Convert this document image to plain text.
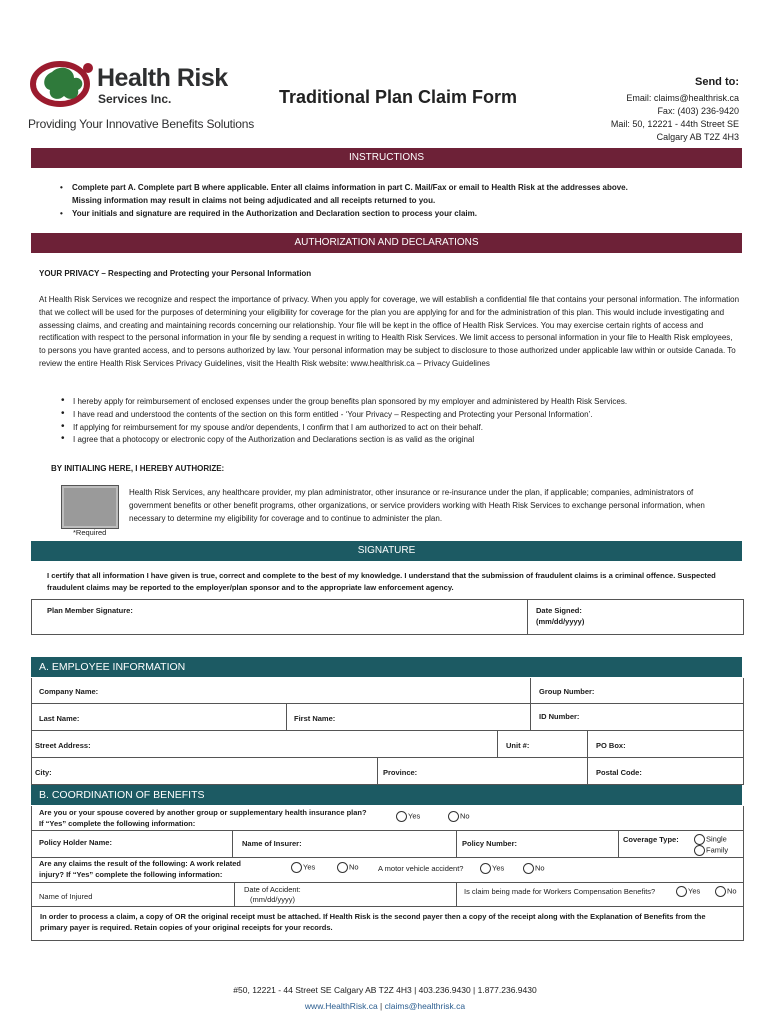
Health Risk
Services Inc.
Providing Your Innovative Benefits Solutions
Traditional Plan Claim Form
Send to:
Email: claims@healthrisk.ca
Fax: (403) 236-9420
Mail: 50, 12221 - 44th Street SE
Calgary AB T2Z 4H3
INSTRUCTIONS
• Complete part A. Complete part B where applicable. Enter all claims information in part C. Mail/Fax or email to Health Risk at the addresses above.
Missing information may result in claims not being adjudicated and all receipts returned to you.
• Your initials and signature are required in the Authorization and Declaration section to process your claim.
AUTHORIZATION AND DECLARATIONS
YOUR PRIVACY – Respecting and Protecting your Personal Information
At Health Risk Services we recognize and respect the importance of privacy. When you apply for coverage, we will establish a confidential file that contains your personal information. The information that we collect will be used for the purposes of determining your eligibility for coverage for the plan you are applying for and for the administration of this plan. This would include investigating and assessing claims, and creating and maintaining records concerning our relationship. Your file will be kept in the office of Health Risk Services. You may exercise certain rights of access and rectification with respect to the personal information in your file by sending a request in writing to Health Risk Services. We limit access to personal information in your file to Health Risk employees, to persons you have granted access, and to persons authorized by law. Your personal information may be subject to disclosure to those authorized under applicable law within or outside Canada. To review the entire Health Risk Services Privacy Guidelines, visit the Health Risk website: www.healthrisk.ca – Privacy Guidelines
• I hereby apply for reimbursement of enclosed expenses under the group benefits plan sponsored by my employer and administered by Health Risk Services.
• I have read and understood the contents of the section on this form entitled - ‘Your Privacy – Respecting and Protecting your Personal Information’.
• If applying for reimbursement for my spouse and/or dependents, I confirm that I am authorized to act on their behalf.
• I agree that a photocopy or electronic copy of the Authorization and Declarations section is as valid as the original
BY INITIALING HERE, I HEREBY AUTHORIZE:
Health Risk Services, any healthcare provider, my plan administrator, other insurance or re-insurance under the plan, if applicable; companies, administrators of government benefits or other benefit programs, other organizations, or service providers working with Heath Risk Services to exchange personal information, when necessary to determine my eligibility for coverage and to continue to administer the plan.
*Required
SIGNATURE
I certify that all information I have given is true, correct and complete to the best of my knowledge. I understand that the submission of fraudulent claims is a criminal offence. Suspected fraudulent claims may be reported to the employer/plan sponsor and to the appropriate law enforcement agency.
Plan Member Signature:	Date Signed:
(mm/dd/yyyy)
A. EMPLOYEE INFORMATION
Company Name:	Group Number:
Last Name:	First Name:	ID Number:
Street Address:	Unit #:	PO Box:
City:	Province:	Postal Code:
B. COORDINATION OF BENEFITS
Are you or your spouse covered by another group or supplementary health insurance plan?
If “Yes” complete the following information:
Yes	No
Policy Holder Name:	Name of Insurer:	Policy Number:	Coverage Type:	Single
Family
Are any claims the result of the following: A work related
injury? If “Yes” complete the following information:
Yes	No	A motor vehicle accident?	Yes	No
Name of Injured
Date of Accident:
(mm/dd/yyyy)
Is claim being made for Workers Compensation Benefits?	Yes	No
In order to process a claim, a copy of OR the original receipt must be attached. If Health Risk is the second payer then a copy of the receipt along with the Explanation of Benefits from the primary payer is required. Retain copies of your original receipts for your records.
#50, 12221 - 44 Street SE Calgary AB T2Z 4H3 | 403.236.9430 | 1.877.236.9430
www.HealthRisk.ca | claims@healthrisk.ca
